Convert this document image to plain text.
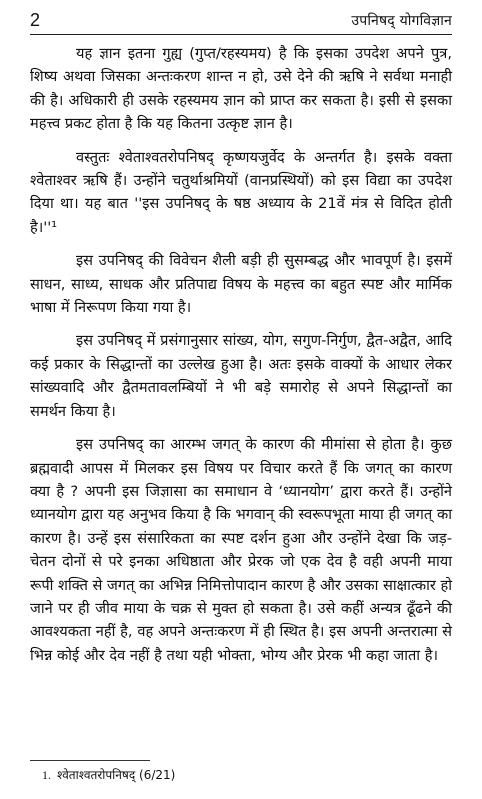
2	उपनिषद् योगविज्ञान

यह ज्ञान इतना गुह्य (गुप्त/रहस्यमय) है कि इसका उपदेश अपने पुत्र, शिष्य अथवा जिसका अन्तःकरण शान्त न हो, उसे देने की ऋषि ने सर्वथा मनाही की है। अधिकारी ही उसके रहस्यमय ज्ञान को प्राप्त कर सकता है। इसी से इसका महत्त्व प्रकट होता है कि यह कितना उत्कृष्ट ज्ञान है।

वस्तुतः श्वेताश्वतरोपनिषद् कृष्णयजुर्वेद के अन्तर्गत है। इसके वक्ता श्वेताश्वर ऋषि हैं। उन्होंने चतुर्थाश्रमियों (वानप्रस्थियों) को इस विद्या का उपदेश दिया था। यह बात ''इस उपनिषद् के षष्ठ अध्याय के 21वें मंत्र से विदित होती है।''¹

इस उपनिषद् की विवेचन शैली बड़ी ही सुसम्बद्ध और भावपूर्ण है। इसमें साधन, साध्य, साधक और प्रतिपाद्य विषय के महत्त्व का बहुत स्पष्ट और मार्मिक भाषा में निरूपण किया गया है।

इस उपनिषद् में प्रसंगानुसार सांख्य, योग, सगुण-निर्गुण, द्वैत-अद्वैत, आदि कई प्रकार के सिद्धान्तों का उल्लेख हुआ है। अतः इसके वाक्यों के आधार लेकर सांख्यवादि और द्वैतमतावलम्बियों ने भी बड़े समारोह से अपने सिद्धान्तों का समर्थन किया है।

इस उपनिषद् का आरम्भ जगत् के कारण की मीमांसा से होता है। कुछ ब्रह्मवादी आपस में मिलकर इस विषय पर विचार करते हैं कि जगत् का कारण क्या है ? अपनी इस जिज्ञासा का समाधान वे ‘ध्यानयोग’ द्वारा करते हैं। उन्होंने ध्यानयोग द्वारा यह अनुभव किया है कि भगवान् की स्वरूपभूता माया ही जगत् का कारण है। उन्हें इस संसारिकता का स्पष्ट दर्शन हुआ और उन्होंने देखा कि जड़-चेतन दोनों से परे इनका अधिष्ठाता और प्रेरक जो एक देव है वही अपनी माया रूपी शक्ति से जगत् का अभिन्न निमित्तोपादान कारण है और उसका साक्षात्कार हो जाने पर ही जीव माया के चक्र से मुक्त हो सकता है। उसे कहीं अन्यत्र ढूँढने की आवश्यकता नहीं है, वह अपने अन्तःकरण में ही स्थित है। इस अपनी अन्तरात्मा से भिन्न कोई और देव नहीं है तथा यही भोक्ता, भोग्य और प्रेरक भी कहा जाता है।

1. श्वेताश्वतरोपनिषद् (6/21)
